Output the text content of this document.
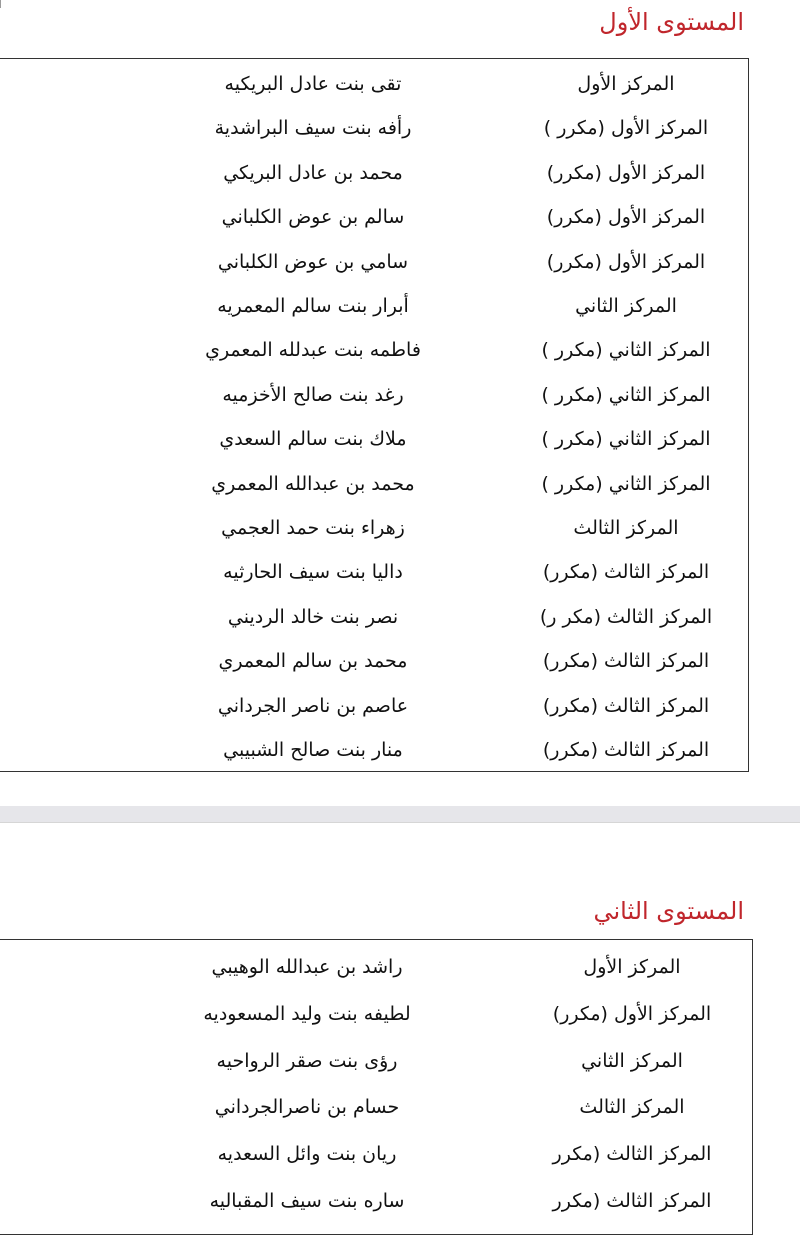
المستوى الأول
المركز الأول
تقى بنت عادل البريكيه
المركز الأول (مكرر )
رأفه بنت سيف البراشدية
المركز الأول (مكرر)
محمد بن عادل البريكي
المركز الأول (مكرر)
سالم بن عوض الكلباني
المركز الأول (مكرر)
سامي بن عوض الكلباني
المركز الثاني
أبرار بنت سالم المعمريه
المركز الثاني (مكرر )
فاطمه بنت عبدلله المعمري
المركز الثاني (مكرر )
رغد بنت صالح الأخزميه
المركز الثاني (مكرر )
ملاك بنت سالم السعدي
المركز الثاني (مكرر )
محمد بن عبدالله المعمري
المركز الثالث
زهراء بنت حمد العجمي
المركز الثالث (مكرر)
داليا بنت سيف الحارثيه
المركز الثالث (مكر ر)
نصر بنت خالد الرديني
المركز الثالث (مكرر)
محمد بن سالم المعمري
المركز الثالث (مكرر)
عاصم بن ناصر الجرداني
المركز الثالث (مكرر)
منار بنت صالح الشبيبي
المستوى الثاني
المركز الأول
راشد بن عبدالله الوهيبي
المركز الأول (مكرر)
لطيفه بنت وليد المسعوديه
المركز الثاني
رؤى بنت صقر الرواحيه
المركز الثالث
حسام بن ناصرالجرداني
المركز الثالث (مكرر
ريان بنت وائل السعديه
المركز الثالث (مكرر
ساره بنت سيف المقباليه
